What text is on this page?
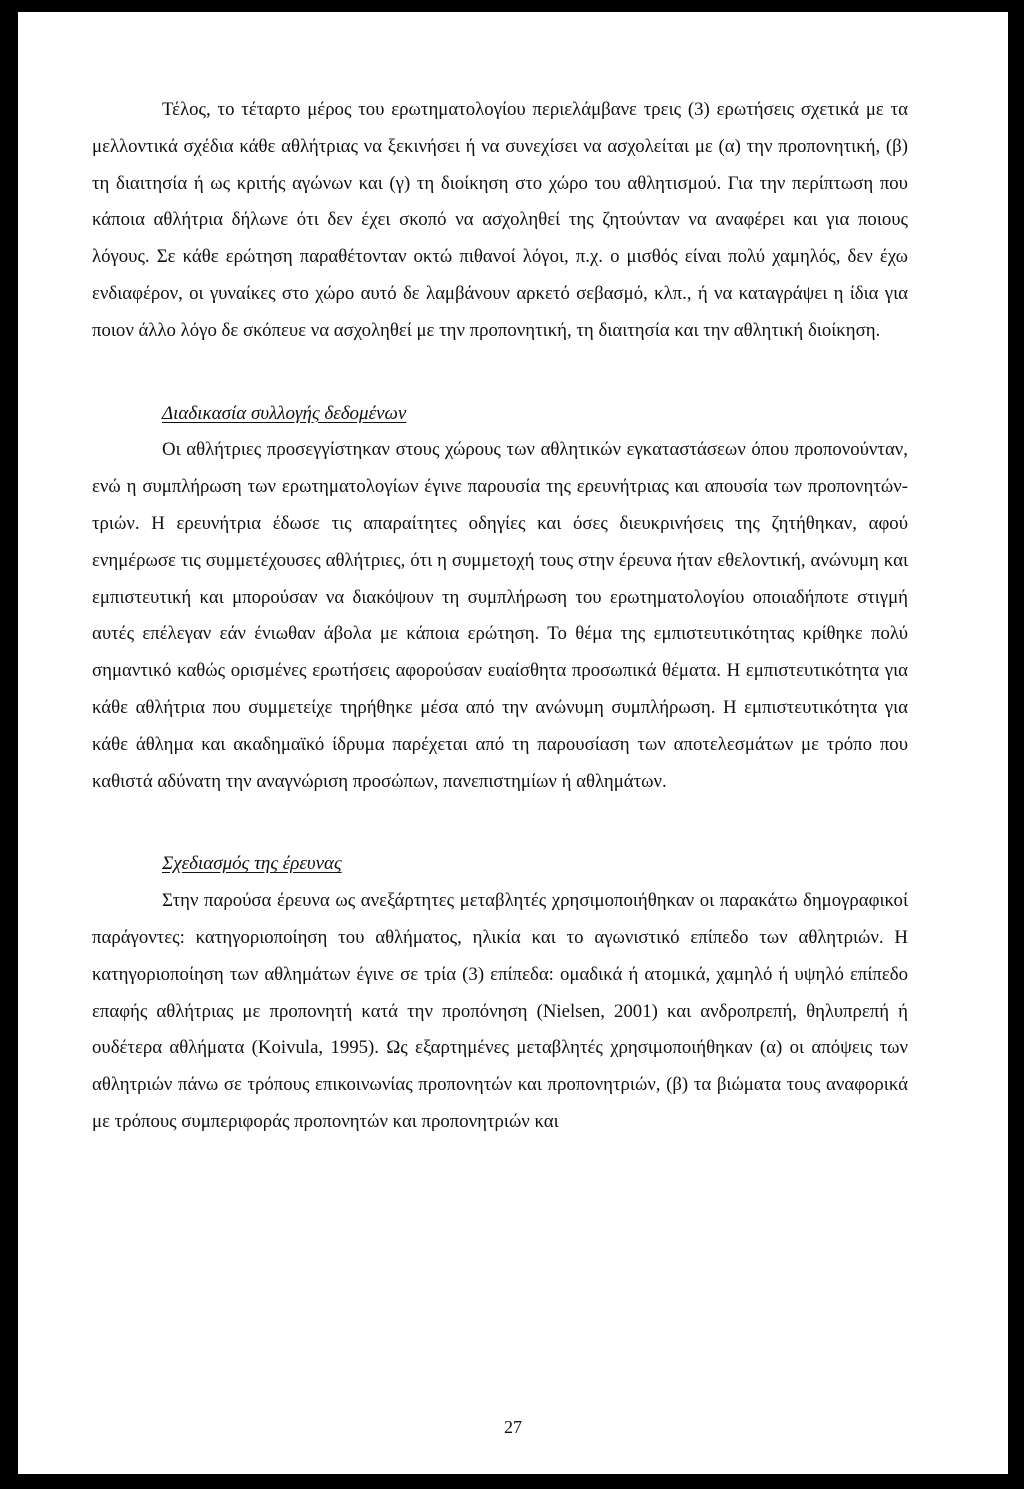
Τέλος, το τέταρτο μέρος του ερωτηματολογίου περιελάμβανε τρεις (3) ερωτήσεις σχετικά με τα μελλοντικά σχέδια κάθε αθλήτριας να ξεκινήσει ή να συνεχίσει να ασχολείται με (α) την προπονητική, (β) τη διαιτησία ή ως κριτής αγώνων και (γ) τη διοίκηση στο χώρο του αθλητισμού. Για την περίπτωση που κάποια αθλήτρια δήλωνε ότι δεν έχει σκοπό να ασχοληθεί της ζητούνταν να αναφέρει και για ποιους λόγους. Σε κάθε ερώτηση παραθέτονταν οκτώ πιθανοί λόγοι, π.χ. ο μισθός είναι πολύ χαμηλός, δεν έχω ενδιαφέρον, οι γυναίκες στο χώρο αυτό δε λαμβάνουν αρκετό σεβασμό, κλπ., ή να καταγράψει η ίδια για ποιον άλλο λόγο δε σκόπευε να ασχοληθεί με την προπονητική, τη διαιτησία και την αθλητική διοίκηση.

Διαδικασία συλλογής δεδομένων

Οι αθλήτριες προσεγγίστηκαν στους χώρους των αθλητικών εγκαταστάσεων όπου προπονούνταν, ενώ η συμπλήρωση των ερωτηματολογίων έγινε παρουσία της ερευνήτριας και απουσία των προπονητών-τριών. Η ερευνήτρια έδωσε τις απαραίτητες οδηγίες και όσες διευκρινήσεις της ζητήθηκαν, αφού ενημέρωσε τις συμμετέχουσες αθλήτριες, ότι η συμμετοχή τους στην έρευνα ήταν εθελοντική, ανώνυμη και εμπιστευτική και μπορούσαν να διακόψουν τη συμπλήρωση του ερωτηματολογίου οποιαδήποτε στιγμή αυτές επέλεγαν εάν ένιωθαν άβολα με κάποια ερώτηση. Το θέμα της εμπιστευτικότητας κρίθηκε πολύ σημαντικό καθώς ορισμένες ερωτήσεις αφορούσαν ευαίσθητα προσωπικά θέματα. Η εμπιστευτικότητα για κάθε αθλήτρια που συμμετείχε τηρήθηκε μέσα από την ανώνυμη συμπλήρωση. Η εμπιστευτικότητα για κάθε άθλημα και ακαδημαϊκό ίδρυμα παρέχεται από τη παρουσίαση των αποτελεσμάτων με τρόπο που καθιστά αδύνατη την αναγνώριση προσώπων, πανεπιστημίων ή αθλημάτων.

Σχεδιασμός της έρευνας

Στην παρούσα έρευνα ως ανεξάρτητες μεταβλητές χρησιμοποιήθηκαν οι παρακάτω δημογραφικοί παράγοντες: κατηγοριοποίηση του αθλήματος, ηλικία και το αγωνιστικό επίπεδο των αθλητριών. Η κατηγοριοποίηση των αθλημάτων έγινε σε τρία (3) επίπεδα: ομαδικά ή ατομικά, χαμηλό ή υψηλό επίπεδο επαφής αθλήτριας με προπονητή κατά την προπόνηση (Nielsen, 2001) και ανδροπρεπή, θηλυπρεπή ή ουδέτερα αθλήματα (Koivula, 1995). Ως εξαρτημένες μεταβλητές χρησιμοποιήθηκαν (α) οι απόψεις των αθλητριών πάνω σε τρόπους επικοινωνίας προπονητών και προπονητριών, (β) τα βιώματα τους αναφορικά με τρόπους συμπεριφοράς προπονητών και προπονητριών και

27
